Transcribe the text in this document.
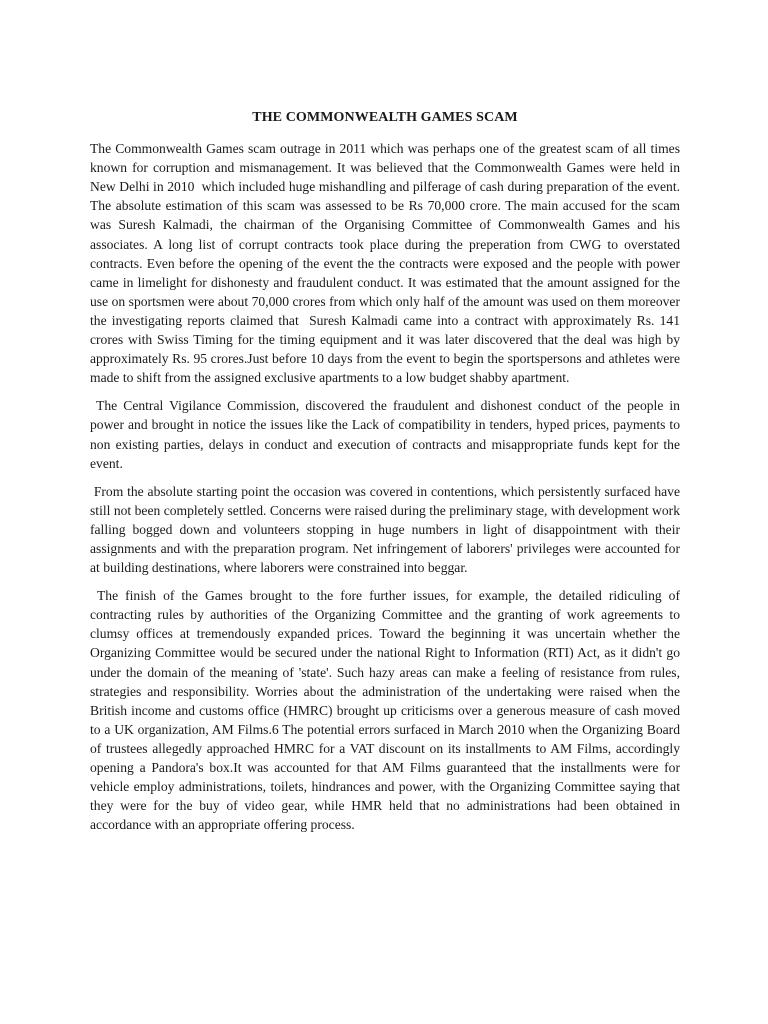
THE COMMONWEALTH GAMES SCAM

The Commonwealth Games scam outrage in 2011 which was perhaps one of the greatest scam of all times known for corruption and mismanagement. It was believed that the Commonwealth Games were held in New Delhi in 2010  which included huge mishandling and pilferage of cash during preparation of the event. The absolute estimation of this scam was assessed to be Rs 70,000 crore. The main accused for the scam was Suresh Kalmadi, the chairman of the Organising Committee of Commonwealth Games and his associates. A long list of corrupt contracts took place during the preperation from CWG to overstated contracts. Even before the opening of the event the the contracts were exposed and the people with power came in limelight for dishonesty and fraudulent conduct. It was estimated that the amount assigned for the use on sportsmen were about 70,000 crores from which only half of the amount was used on them moreover the investigating reports claimed that  Suresh Kalmadi came into a contract with approximately Rs. 141 crores with Swiss Timing for the timing equipment and it was later discovered that the deal was high by approximately Rs. 95 crores.Just before 10 days from the event to begin the sportspersons and athletes were made to shift from the assigned exclusive apartments to a low budget shabby apartment.

The Central Vigilance Commission, discovered the fraudulent and dishonest conduct of the people in power and brought in notice the issues like the Lack of compatibility in tenders, hyped prices, payments to non existing parties, delays in conduct and execution of contracts and misappropriate funds kept for the event.

From the absolute starting point the occasion was covered in contentions, which persistently surfaced have still not been completely settled. Concerns were raised during the preliminary stage, with development work falling bogged down and volunteers stopping in huge numbers in light of disappointment with their assignments and with the preparation program. Net infringement of laborers' privileges were accounted for at building destinations, where laborers were constrained into beggar.

The finish of the Games brought to the fore further issues, for example, the detailed ridiculing of contracting rules by authorities of the Organizing Committee and the granting of work agreements to clumsy offices at tremendously expanded prices. Toward the beginning it was uncertain whether the Organizing Committee would be secured under the national Right to Information (RTI) Act, as it didn't go under the domain of the meaning of 'state'. Such hazy areas can make a feeling of resistance from rules, strategies and responsibility. Worries about the administration of the undertaking were raised when the British income and customs office (HMRC) brought up criticisms over a generous measure of cash moved to a UK organization, AM Films.6 The potential errors surfaced in March 2010 when the Organizing Board of trustees allegedly approached HMRC for a VAT discount on its installments to AM Films, accordingly opening a Pandora's box.It was accounted for that AM Films guaranteed that the installments were for vehicle employ administrations, toilets, hindrances and power, with the Organizing Committee saying that they were for the buy of video gear, while HMR held that no administrations had been obtained in accordance with an appropriate offering process.
